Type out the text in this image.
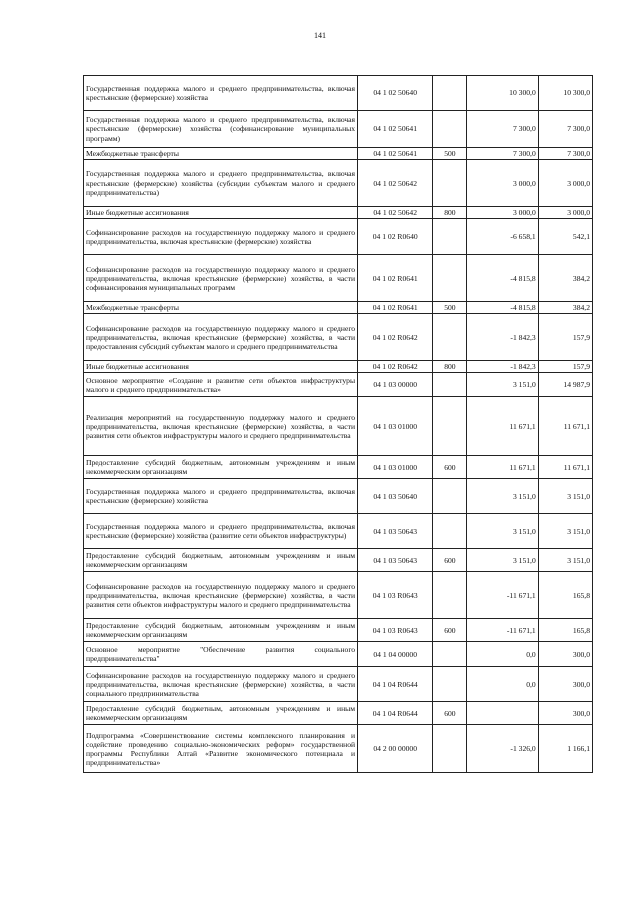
141
Государственная поддержка малого и среднего предпринимательства, включая крестьянские (фермерские) хозяйства	04 1 02 50640		10 300,0	10 300,0
Государственная поддержка малого и среднего предпринимательства, включая крестьянские (фермерские) хозяйства (софинансирование муниципальных программ)	04 1 02 50641		7 300,0	7 300,0
Межбюджетные трансферты	04 1 02 50641	500	7 300,0	7 300,0
Государственная поддержка малого и среднего предпринимательства, включая крестьянские (фермерские) хозяйства (субсидии субъектам малого и среднего предпринимательства)	04 1 02 50642		3 000,0	3 000,0
Иные бюджетные ассигнования	04 1 02 50642	800	3 000,0	3 000,0
Софинансирование расходов на государственную поддержку малого и среднего предпринимательства, включая крестьянские (фермерские) хозяйства	04 1 02 R0640		-6 658,1	542,1
Софинансирование расходов на государственную поддержку малого и среднего предпринимательства, включая крестьянские (фермерские) хозяйства, в части софинансирования муниципальных программ	04 1 02 R0641		-4 815,8	384,2
Межбюджетные трансферты	04 1 02 R0641	500	-4 815,8	384,2
Софинансирование расходов на государственную поддержку малого и среднего предпринимательства, включая крестьянские (фермерские) хозяйства, в части предоставления субсидий субъектам малого и среднего предпринимательства	04 1 02 R0642		-1 842,3	157,9
Иные бюджетные ассигнования	04 1 02 R0642	800	-1 842,3	157,9
Основное мероприятие «Создание и развитие сети объектов инфраструктуры малого и среднего предпринимательства»	04 1 03 00000		3 151,0	14 987,9
Реализация мероприятий на государственную поддержку малого и среднего предпринимательства, включая крестьянские (фермерские) хозяйства, в части развития сети объектов инфраструктуры малого и среднего предпринимательства	04 1 03 01000		11 671,1	11 671,1
Предоставление субсидий бюджетным, автономным учреждениям и иным некоммерческим организациям	04 1 03 01000	600	11 671,1	11 671,1
Государственная поддержка малого и среднего предпринимательства, включая крестьянские (фермерские) хозяйства	04 1 03 50640		3 151,0	3 151,0
Государственная поддержка малого и среднего предпринимательства, включая крестьянские (фермерские) хозяйства (развитие сети объектов инфраструктуры)	04 1 03 50643		3 151,0	3 151,0
Предоставление субсидий бюджетным, автономным учреждениям и иным некоммерческим организациям	04 1 03 50643	600	3 151,0	3 151,0
Софинансирование расходов на государственную поддержку малого и среднего предпринимательства, включая крестьянские (фермерские) хозяйства, в части развития сети объектов инфраструктуры малого и среднего предпринимательства	04 1 03 R0643		-11 671,1	165,8
Предоставление субсидий бюджетным, автономным учреждениям и иным некоммерческим организациям	04 1 03 R0643	600	-11 671,1	165,8
Основное мероприятие "Обеспечение развития социального предпринимательства"	04 1 04 00000		0,0	300,0
Софинансирование расходов на государственную поддержку малого и среднего предпринимательства, включая крестьянские (фермерские) хозяйства, в части социального предпринимательства	04 1 04 R0644		0,0	300,0
Предоставление субсидий бюджетным, автономным учреждениям и иным некоммерческим организациям	04 1 04 R0644	600		300,0
Подпрограмма «Совершенствование системы комплексного планирования и содействие проведению социально-экономических реформ» государственной программы Республики Алтай «Развитие экономического потенциала и предпринимательства»	04 2 00 00000		-1 326,0	1 166,1
